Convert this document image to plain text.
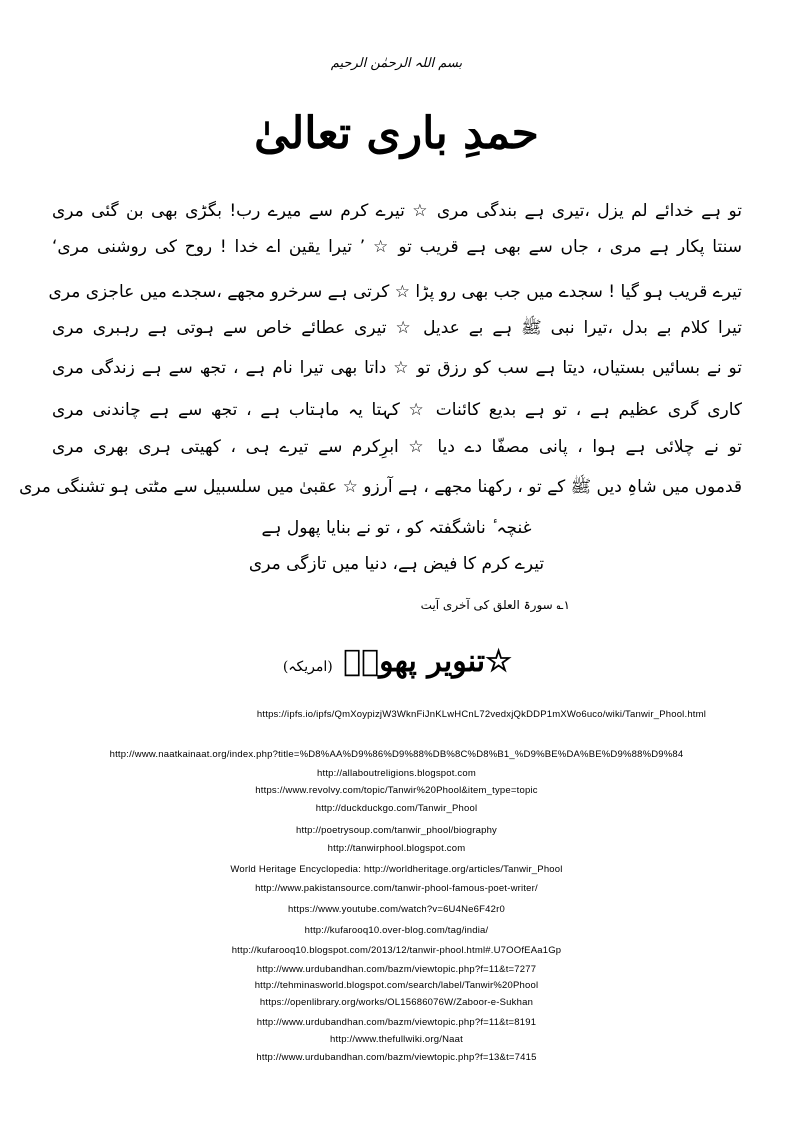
بسم اللہ الرحمٰن الرحیم
حمدِ باری تعالیٰ
تو ہے خدائے لم یزل ،تیری ہے بندگی مری ☆ تیرے کرم سے میرے رب! بگڑی بھی بن گئی مری
سنتا پکار ہے مری ، جاں سے بھی ہے قریب تو ☆ ’ تیرا یقین اے خدا ! روح کی روشنی مری‘
تیرے قریب ہو گیا ! سجدے میں جب بھی رو پڑا ☆ کرتی ہے سرخرو مجھے ،سجدے میں عاجزی مری
تیرا کلام بے بدل ،تیرا نبی ﷺ ہے بے عدیل ☆ تیری عطائے خاص سے ہوتی ہے رہبری مری
تو نے بسائیں بستیاں، دیتا ہے سب کو رزق تو ☆ داتا بھی تیرا نام ہے ، تجھ سے ہے زندگی مری
کاری گری عظیم ہے ، تو ہے بدیع کائنات ☆ کہتا یہ ماہتاب ہے ، تجھ سے ہے چاندنی مری
تو نے چلائی ہے ہوا ، پانی مصفّا دے دیا ☆ ابرِکرم سے تیرے ہی ، کھیتی ہری بھری مری
قدموں میں شاہِ دیں ﷺ کے تو ، رکھنا مجھے ، ہے آرزو ☆ عقبیٰ میں سلسبیل سے مٹتی ہو تشنگی مری
غنچہ ٔ ناشگفتہ کو ، تو نے بنایا پھول ہے
تیرے کرم کا فیض ہے، دنیا میں تازگی مری
۱؎ سورۃ العلق کی آخری آیت
☆تنویر پھولؔ (امریکہ)
https://ipfs.io/ipfs/QmXoypizjW3WknFiJnKLwHCnL72vedxjQkDDP1mXWo6uco/wiki/Tanwir_Phool.html
http://www.naatkainaat.org/index.php?title=%D8%AA%D9%86%D9%88%DB%8C%D8%B1_%D9%BE%DA%BE%D9%88%D9%84
http://allaboutreligions.blogspot.com
https://www.revolvy.com/topic/Tanwir%20Phool&item_type=topic
http://duckduckgo.com/Tanwir_Phool
http://poetrysoup.com/tanwir_phool/biography
http://tanwirphool.blogspot.com
World Heritage Encyclopedia: http://worldheritage.org/articles/Tanwir_Phool
http://www.pakistansource.com/tanwir-phool-famous-poet-writer/
https://www.youtube.com/watch?v=6U4Ne6F42r0
http://kufarooq10.over-blog.com/tag/india/
http://kufarooq10.blogspot.com/2013/12/tanwir-phool.html#.U7OOfEAa1Gp
http://www.urdubandhan.com/bazm/viewtopic.php?f=11&t=7277
http://tehminasworld.blogspot.com/search/label/Tanwir%20Phool
https://openlibrary.org/works/OL15686076W/Zaboor-e-Sukhan
http://www.urdubandhan.com/bazm/viewtopic.php?f=11&t=8191
http://www.thefullwiki.org/Naat
http://www.urdubandhan.com/bazm/viewtopic.php?f=13&t=7415
